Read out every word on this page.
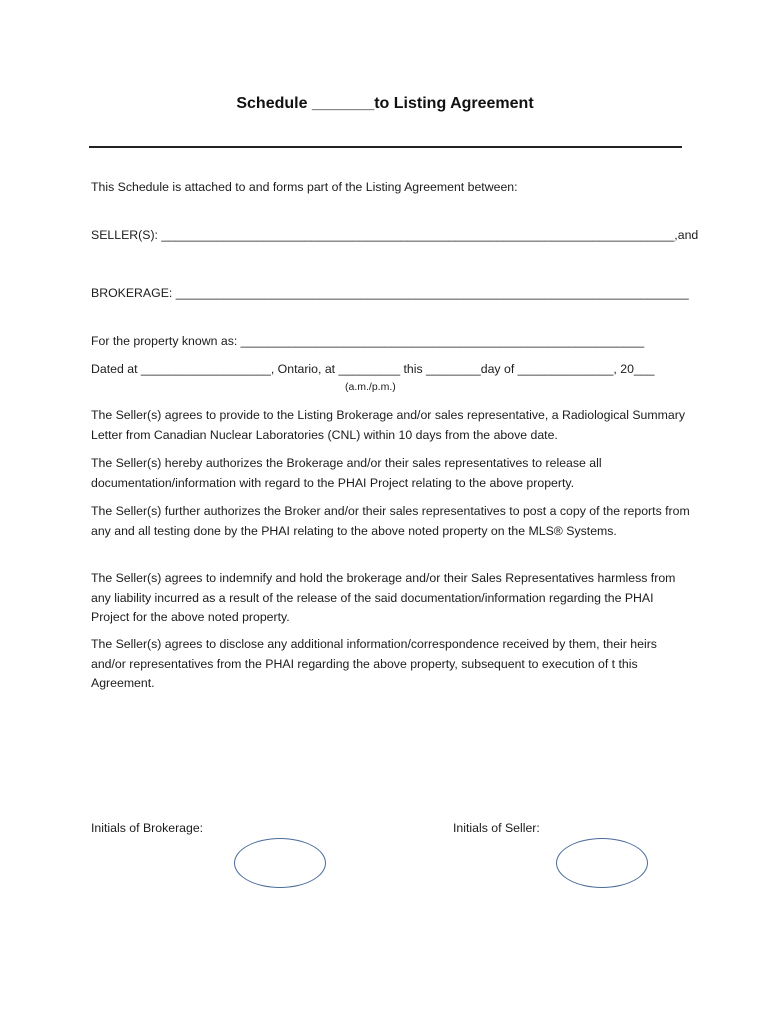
Schedule _______to Listing Agreement
This Schedule is attached to and forms part of the Listing Agreement between:
SELLER(S): ___________________________________________________________________________,and
BROKERAGE: ___________________________________________________________________________
For the property known as: ___________________________________________________________
Dated at ___________________, Ontario, at _________ this ________day of ______________, 20___
(a.m./p.m.)
The Seller(s) agrees to provide to the Listing Brokerage and/or sales representative, a Radiological Summary Letter from Canadian Nuclear Laboratories (CNL) within 10 days from the above date.
The Seller(s) hereby authorizes the Brokerage and/or their sales representatives to release all documentation/information with regard to the PHAI Project relating to the above property.
The Seller(s) further authorizes the Broker and/or their sales representatives to post a copy of the reports from any and all testing done by the PHAI relating to the above noted property on the MLS® Systems.
The Seller(s) agrees to indemnify and hold the brokerage and/or their Sales Representatives harmless from any liability incurred as a result of the release of the said documentation/information regarding the PHAI Project for the above noted property.
The Seller(s) agrees to disclose any additional information/correspondence received by them, their heirs and/or representatives from the PHAI regarding the above property, subsequent to execution of t this Agreement.
Initials of Brokerage:	Initials of Seller:
